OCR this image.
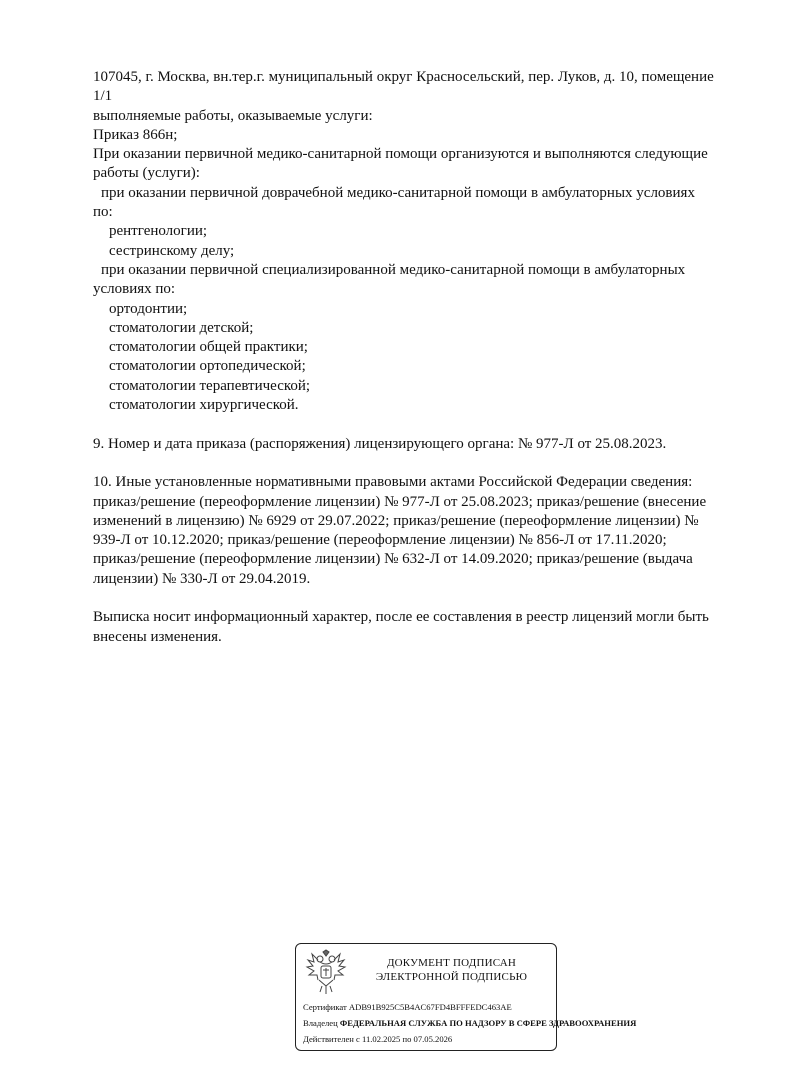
107045, г. Москва, вн.тер.г. муниципальный округ Красносельский, пер. Луков, д. 10, помещение

1/1

выполняемые работы, оказываемые услуги:

Приказ 866н;

При оказании первичной медико-санитарной помощи организуются и выполняются следующие

работы (услуги):

при оказании первичной доврачебной медико-санитарной помощи в амбулаторных условиях

по:

рентгенологии;

сестринскому делу;

при оказании первичной специализированной медико-санитарной помощи в амбулаторных

условиях по:

ортодонтии;

стоматологии детской;

стоматологии общей практики;

стоматологии ортопедической;

стоматологии терапевтической;

стоматологии хирургической.

9. Номер и дата приказа (распоряжения) лицензирующего органа: № 977-Л от 25.08.2023.

10. Иные установленные нормативными правовыми актами Российской Федерации сведения:

приказ/решение (переоформление лицензии) № 977-Л от 25.08.2023; приказ/решение (внесение

изменений в лицензию) № 6929 от 29.07.2022; приказ/решение (переоформление лицензии) №

939-Л от 10.12.2020; приказ/решение (переоформление лицензии) № 856-Л от 17.11.2020;

приказ/решение (переоформление лицензии) № 632-Л от 14.09.2020; приказ/решение (выдача

лицензии) № 330-Л от 29.04.2019.

Выписка носит информационный характер, после ее составления в реестр лицензий могли быть

внесены изменения.

ДОКУМЕНТ ПОДПИСАН
ЭЛЕКТРОННОЙ ПОДПИСЬЮ
Сертификат ADB91B925C5B4AC67FD4BFFFEDC463AE
Владелец ФЕДЕРАЛЬНАЯ СЛУЖБА ПО НАДЗОРУ В СФЕРЕ ЗДРАВООХРАНЕНИЯ
Действителен с 11.02.2025 по 07.05.2026
